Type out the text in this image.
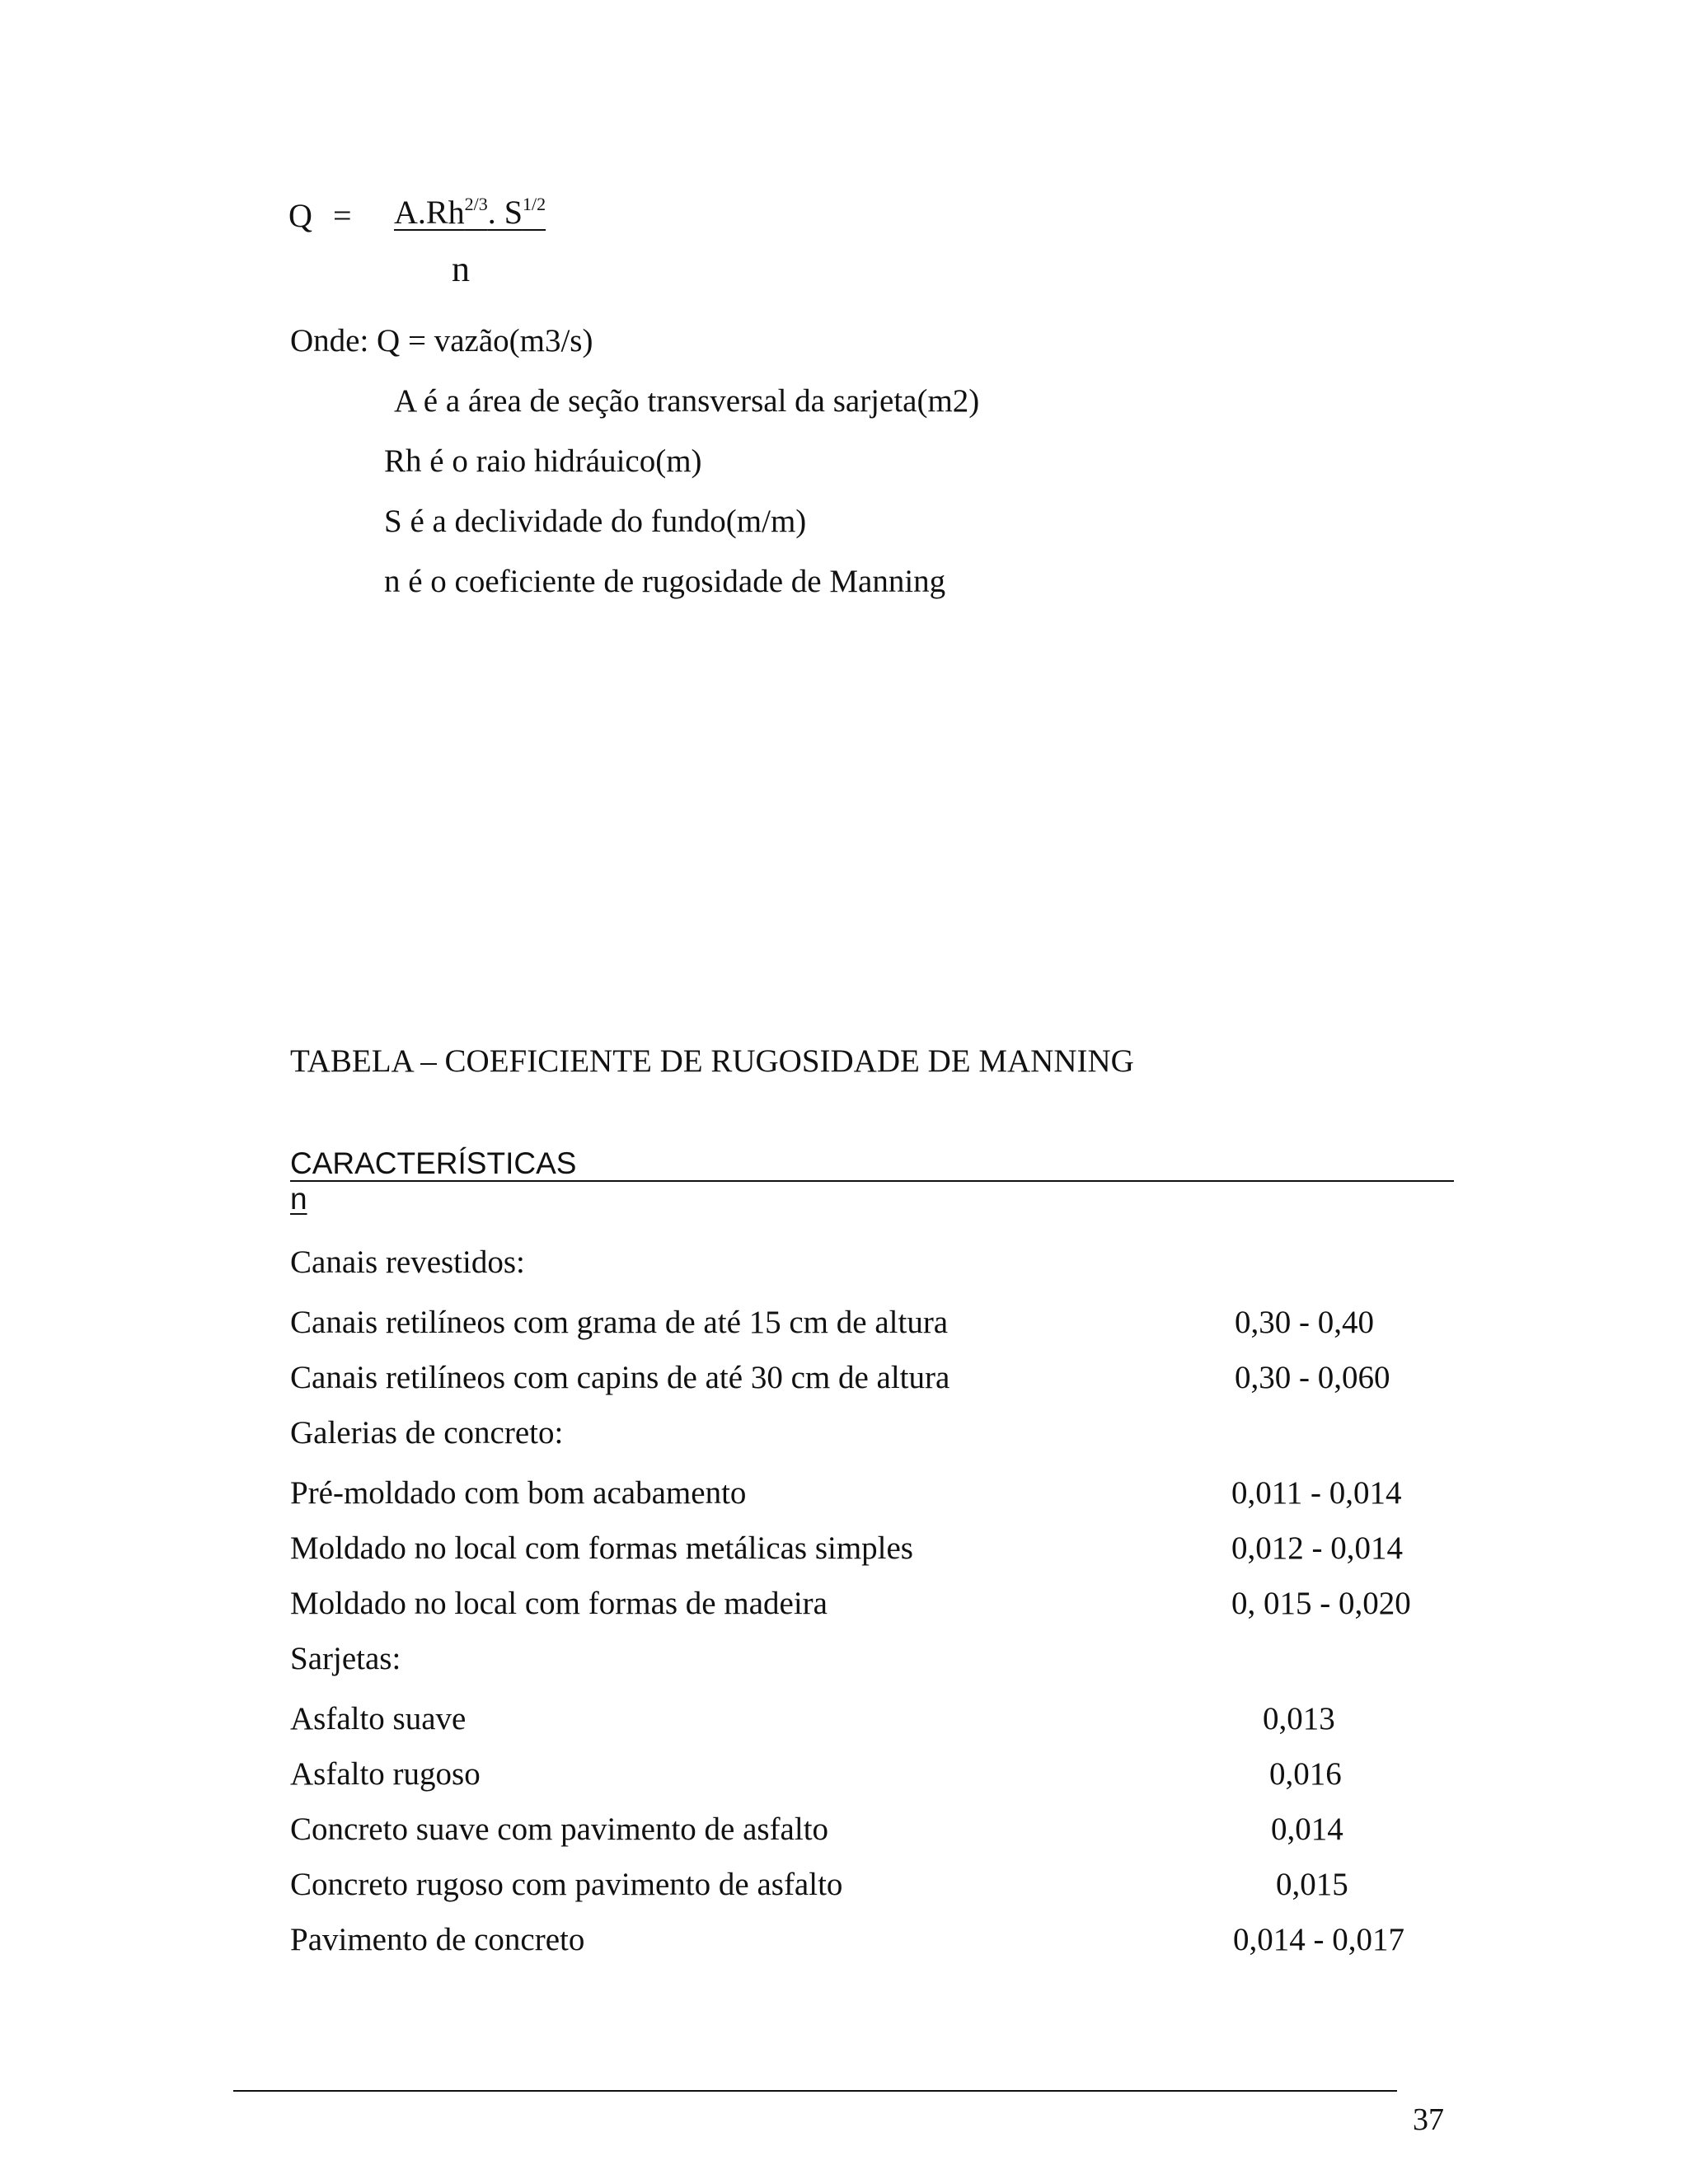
$Q = A.Rh^{2/3}$. $S^{1/2}$
n
Onde: Q = vazão(m3/s)
A é a área de seção transversal da sarjeta(m2)
Rh é o raio hidráuico(m)
S é a declividade do fundo(m/m)
n é o coeficiente de rugosidade de Manning
TABELA – COEFICIENTE DE RUGOSIDADE DE MANNING
CARACTERÍSTICAS
n
Canais revestidos:
Canais retilíneos com grama de até 15 cm de altura	0,30 - 0,40
Canais retilíneos com capins de até 30 cm de altura	0,30 - 0,060
Galerias de concreto:
Pré-moldado com bom acabamento	0,011 - 0,014
Moldado no local com formas metálicas simples	0,012 - 0,014
Moldado no local com formas de madeira	0, 015 - 0,020
Sarjetas:
Asfalto suave	0,013
Asfalto rugoso	0,016
Concreto suave com pavimento de asfalto	0,014
Concreto rugoso com pavimento de asfalto	0,015
Pavimento de concreto	0,014 - 0,017
37
